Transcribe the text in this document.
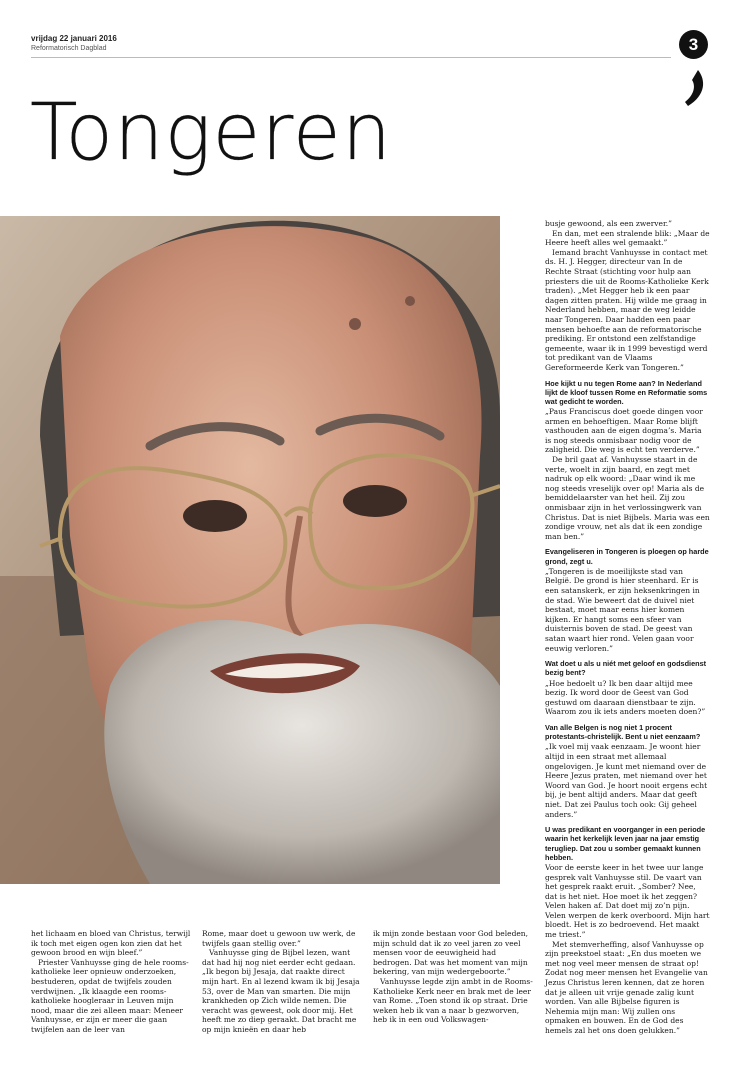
vrijdag 22 januari 2016
Reformatorisch Dagblad	3
Tongeren

busje gewoond, als een zwerver.”

En dan, met een stralende blik: „Maar de Heere heeft alles wel gemaakt.”

Iemand bracht Vanhuysse in contact met ds. H. J. Hegger, directeur van In de Rechte Straat (stichting voor hulp aan priesters die uit de Rooms-Katholieke Kerk traden). „Met Hegger heb ik een paar dagen zitten praten. Hij wilde me graag in Nederland hebben, maar de weg leidde naar Tongeren. Daar hadden een paar mensen behoefte aan de reformatorische prediking. Er ontstond een zelfstandige gemeente, waar ik in 1999 bevestigd werd tot predikant van de Vlaams Gereformeerde Kerk van Tongeren.”

Hoe kijkt u nu tegen Rome aan? In Nederland lijkt de kloof tussen Rome en Reformatie soms wat gedicht te worden.

„Paus Franciscus doet goede dingen voor armen en behoeftigen. Maar Rome blijft vasthouden aan de eigen dogma’s. Maria is nog steeds onmisbaar nodig voor de zaligheid. Die weg is echt ten verderve.”

De bril gaat af. Vanhuysse staart in de verte, woelt in zijn baard, en zegt met nadruk op elk woord: „Daar wind ik me nog steeds vreselijk over op! Maria als de bemiddelaarster van het heil. Zij zou onmisbaar zijn in het verlossingwerk van Christus. Dat is niet Bijbels. Maria was een zondige vrouw, net als dat ik een zondige man ben.”

Evangeliseren in Tongeren is ploegen op harde grond, zegt u.

„Tongeren is de moeilijkste stad van België. De grond is hier steenhard. Er is een satanskerk, er zijn heksenkringen in de stad. Wie beweert dat de duivel niet bestaat, moet maar eens hier komen kijken. Er hangt soms een sfeer van duisternis boven de stad. De geest van satan waart hier rond. Velen gaan voor eeuwig verloren.”

Wat doet u als u niét met geloof en godsdienst bezig bent?

„Hoe bedoelt u? Ik ben daar altijd mee bezig. Ik word door de Geest van God gestuwd om daaraan dienstbaar te zijn. Waarom zou ik iets anders moeten doen?”

Van alle Belgen is nog niet 1 procent protestants-christelijk. Bent u niet eenzaam?

„Ik voel mij vaak eenzaam. Je woont hier altijd in een straat met allemaal ongelovigen. Je kunt met niemand over de Heere Jezus praten, met niemand over het Woord van God. Je hoort nooit ergens echt bij, je bent altijd anders. Maar dat geeft niet. Dat zei Paulus toch ook: Gij geheel anders.”

U was predikant en voorganger in een periode waarin het kerkelijk leven jaar na jaar emstig terugliep. Dat zou u somber gemaakt kunnen hebben.

Voor de eerste keer in het twee uur lange gesprek valt Vanhuysse stil. De vaart van het gesprek raakt eruit. „Somber? Nee, dat is het niet. Hoe moet ik het zeggen? Velen haken af. Dat doet mij zo’n pijn. Velen werpen de kerk overboord. Mijn hart bloedt. Het is zo bedroevend. Het maakt me triest.”

Met stemverheffing, alsof Vanhuysse op zijn preekstoel staat: „En dus moeten we met nog veel meer mensen de straat op! Zodat nog meer mensen het Evangelie van Jezus Christus leren kennen, dat ze horen dat je alleen uit vrije genade zalig kunt worden. Van alle Bijbelse figuren is Nehemia mijn man: Wij zullen ons opmaken en bouwen. En de God des hemels zal het ons doen gelukken.”

het lichaam en bloed van Christus, terwijl ik toch met eigen ogen kon zien dat het gewoon brood en wijn bleef.”

Priester Vanhuysse ging de hele rooms-katholieke leer opnieuw onderzoeken, bestuderen, opdat de twijfels zouden verdwijnen. „Ik klaagde een rooms-katholieke hoogleraar in Leuven mijn nood, maar die zei alleen maar: Meneer Vanhuysse, er zijn er meer die gaan twijfelen aan de leer van

Rome, maar doet u gewoon uw werk, de twijfels gaan stellig over.”

Vanhuysse ging de Bijbel lezen, want dat had hij nog niet eerder echt gedaan. „Ik begon bij Jesaja, dat raakte direct mijn hart. En al lezend kwam ik bij Jesaja 53, over de Man van smarten. Die mijn krankheden op Zich wilde nemen. Die veracht was geweest, ook door mij. Het heeft me zo diep geraakt. Dat bracht me op mijn knieën en daar heb

ik mijn zonde bestaan voor God beleden, mijn schuld dat ik zo veel jaren zo veel mensen voor de eeuwigheid had bedrogen. Dat was het moment van mijn bekering, van mijn wedergeboorte.”

Vanhuysse legde zijn ambt in de Rooms-Katholieke Kerk neer en brak met de leer van Rome. „Toen stond ik op straat. Drie weken heb ik van a naar b gezworven, heb ik in een oud Volkswagen-
